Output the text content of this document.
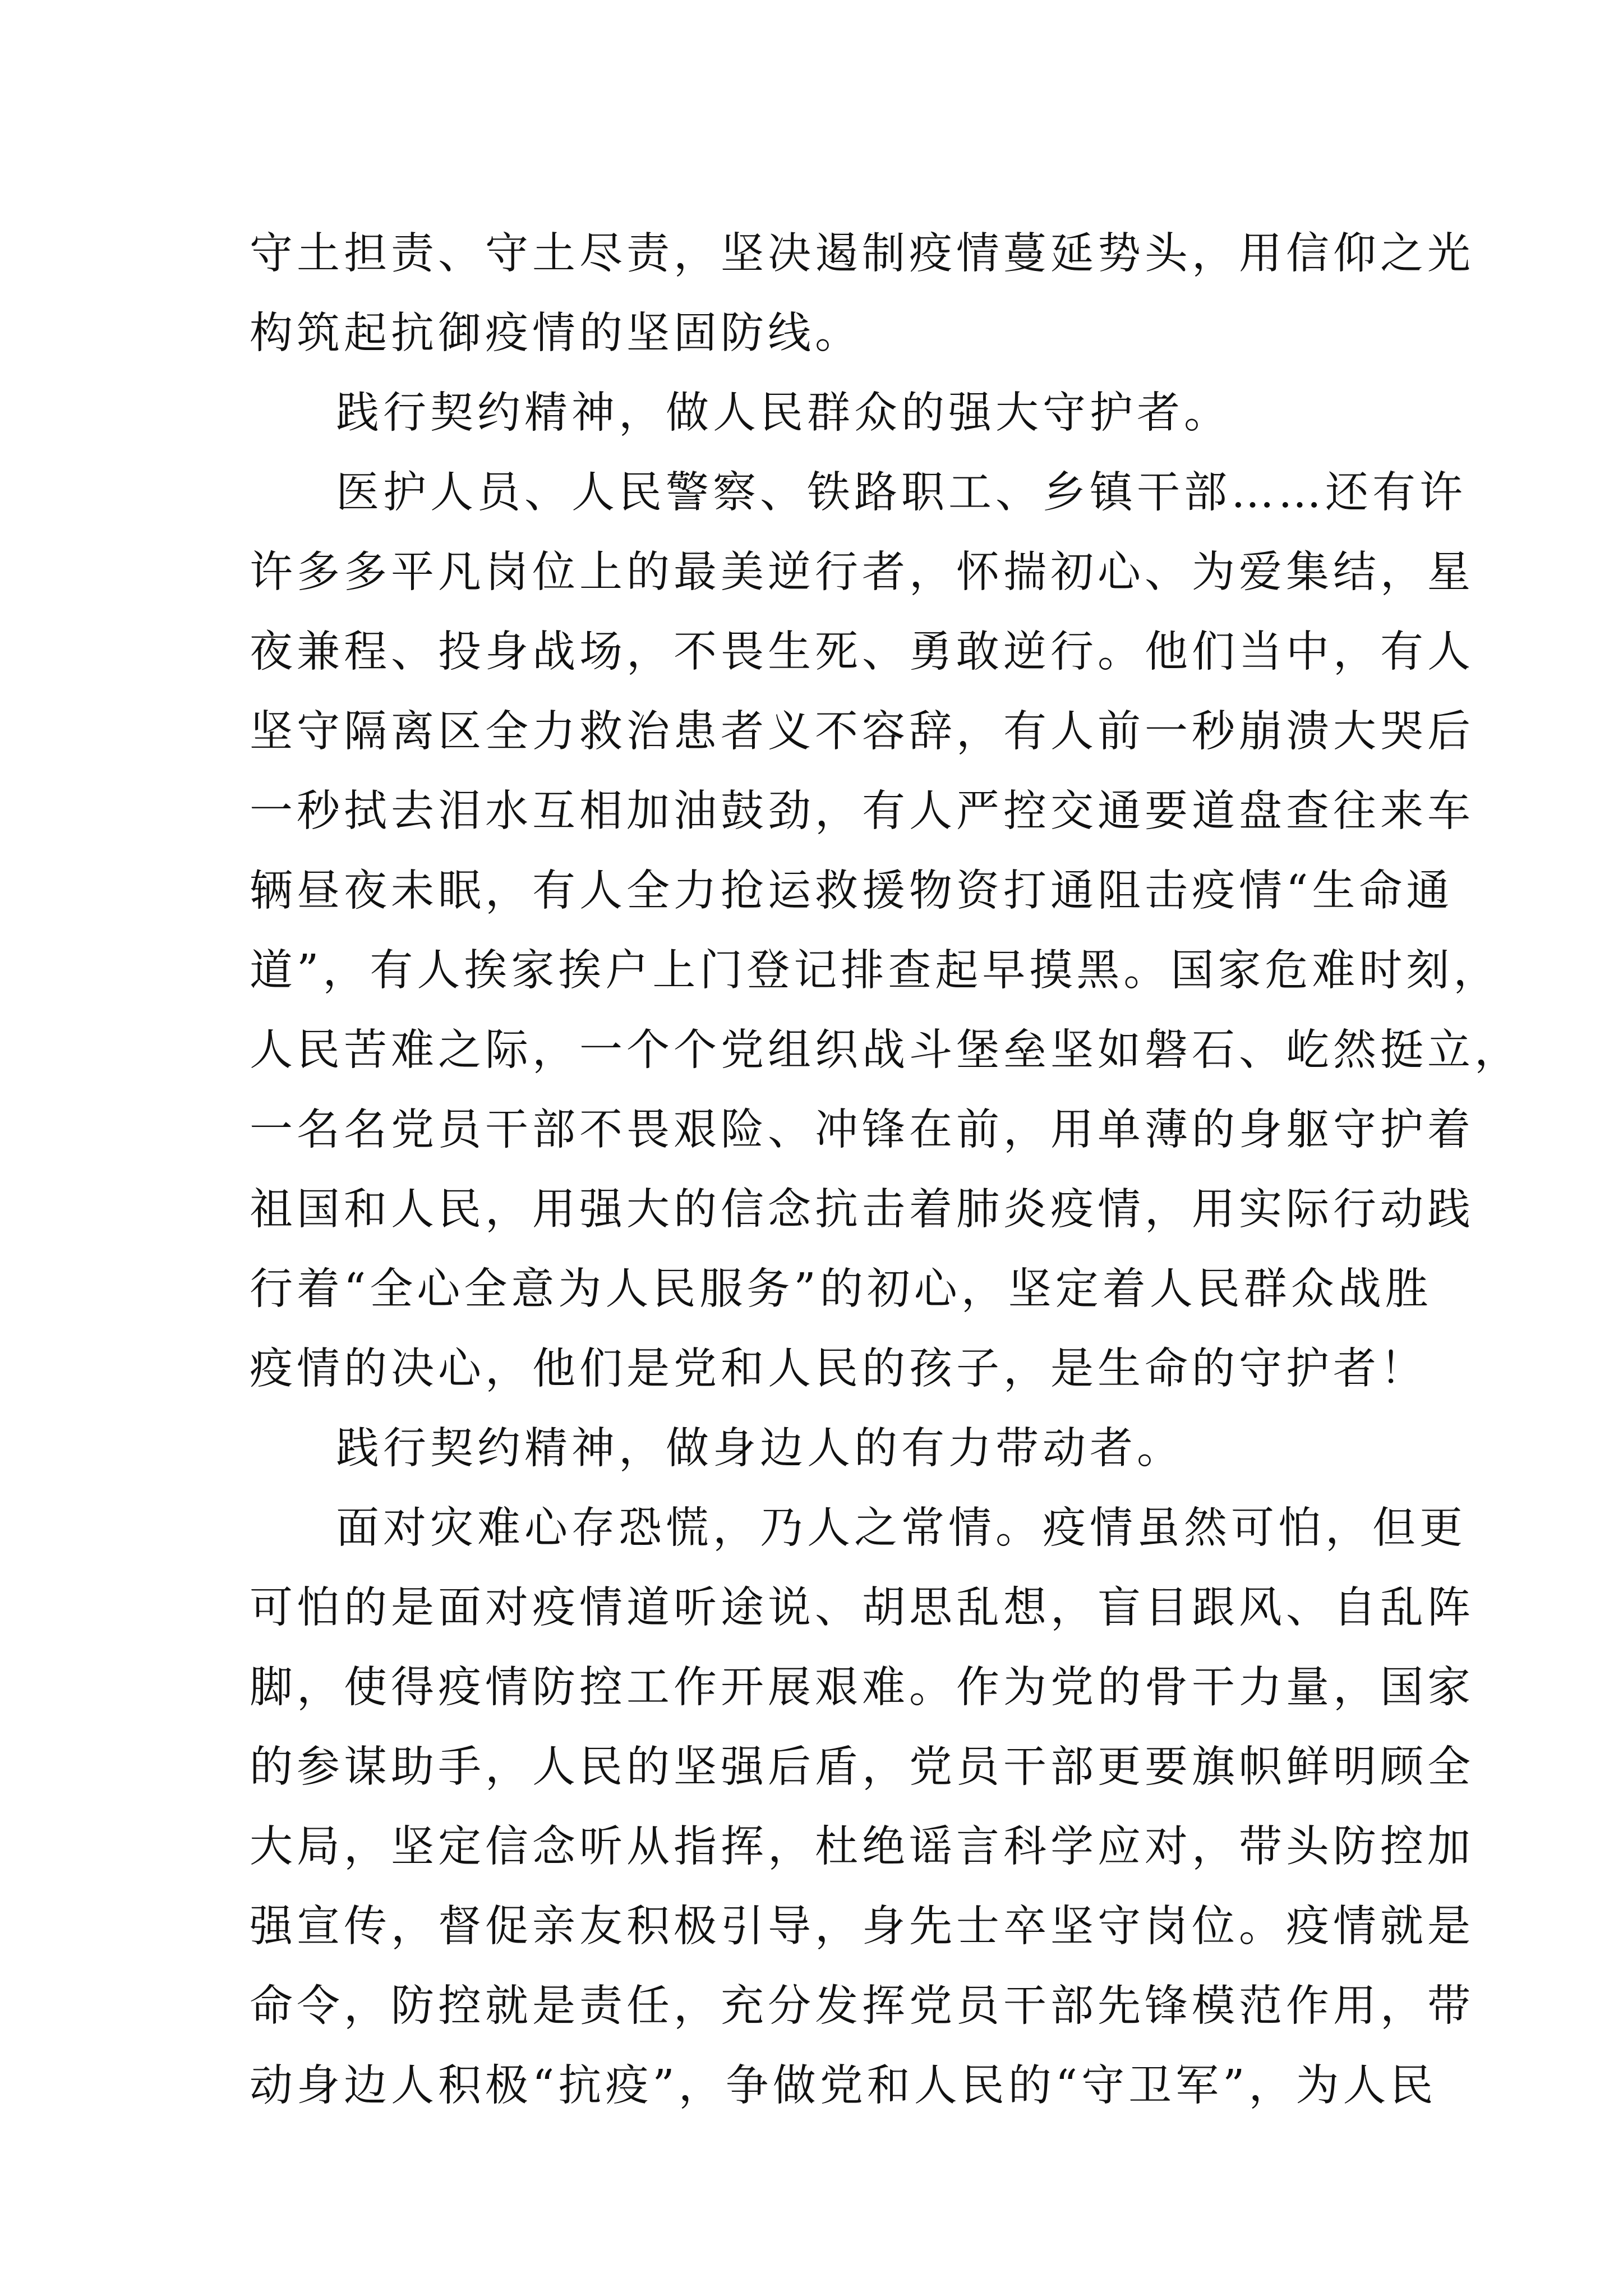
守土担责、守土尽责，坚决遏制疫情蔓延势头，用信仰之光
构筑起抗御疫情的坚固防线。
践行契约精神，做人民群众的强大守护者。
医护人员、人民警察、铁路职工、乡镇干部……还有许
许多多平凡岗位上的最美逆行者，怀揣初心、为爱集结，星
夜兼程、投身战场，不畏生死、勇敢逆行。他们当中，有人
坚守隔离区全力救治患者义不容辞，有人前一秒崩溃大哭后
一秒拭去泪水互相加油鼓劲，有人严控交通要道盘查往来车
辆昼夜未眠，有人全力抢运救援物资打通阻击疫情“生命通
道”，有人挨家挨户上门登记排查起早摸黑。国家危难时刻，
人民苦难之际，一个个党组织战斗堡垒坚如磐石、屹然挺立，
一名名党员干部不畏艰险、冲锋在前，用单薄的身躯守护着
祖国和人民，用强大的信念抗击着肺炎疫情，用实际行动践
行着“全心全意为人民服务”的初心，坚定着人民群众战胜
疫情的决心，他们是党和人民的孩子，是生命的守护者！
践行契约精神，做身边人的有力带动者。
面对灾难心存恐慌，乃人之常情。疫情虽然可怕，但更
可怕的是面对疫情道听途说、胡思乱想，盲目跟风、自乱阵
脚，使得疫情防控工作开展艰难。作为党的骨干力量，国家
的参谋助手，人民的坚强后盾，党员干部更要旗帜鲜明顾全
大局，坚定信念听从指挥，杜绝谣言科学应对，带头防控加
强宣传，督促亲友积极引导，身先士卒坚守岗位。疫情就是
命令，防控就是责任，充分发挥党员干部先锋模范作用，带
动身边人积极“抗疫”，争做党和人民的“守卫军”，为人民
